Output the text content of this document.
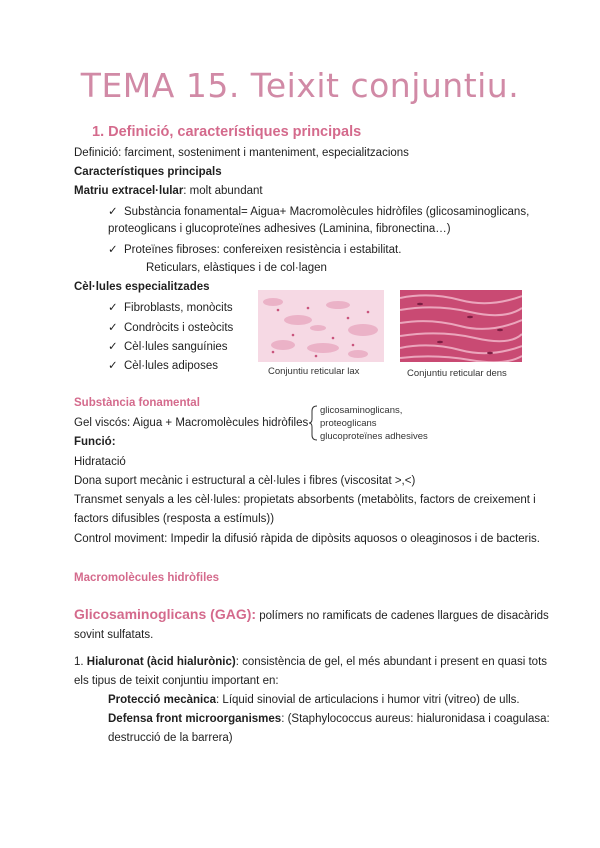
TEMA 15. Teixit conjuntiu.
1. Definició, característiques principals
Definició: farciment, sosteniment i manteniment, especialitzacions
Característiques principals
Matriu extracel·lular: molt abundant
✓ Substància fonamental= Aigua+ Macromolècules hidròfiles (glicosaminoglicans,
proteoglicans i glucoproteïnes adhesives (Laminina, fibronectina…)
✓ Proteïnes fibroses: confereixen resistència i estabilitat.
Reticulars, elàstiques i de col·lagen
Cèl·lules especialitzades
✓ Fibroblasts, monòcits
✓ Condròcits i osteòcits
✓ Cèl·lules sanguínies
✓ Cèl·lules adiposes	Conjuntiu reticular lax	Conjuntiu reticular dens
Substància fonamental
Gel viscós: Aigua + Macromolècules hidròfiles
glicosaminoglicans,
proteoglicans
glucoproteïnes adhesives
Funció:
Hidratació
Dona suport mecànic i estructural a cèl·lules i fibres (viscositat >,<)
Transmet senyals a les cèl·lules: propietats absorbents (metabòlits, factors de creixement i
factors difusibles (resposta a estímuls))
Control moviment: Impedir la difusió ràpida de dipòsits aquosos o oleaginosos i de bacteris.
Macromolècules hidròfiles
Glicosaminoglicans (GAG): polímers no ramificats de cadenes llargues de disacàrids
sovint sulfatats.
1. Hialuronat (àcid hialurònic): consistència de gel, el més abundant i present en quasi tots
els tipus de teixit conjuntiu important en:
Protecció mecànica: Líquid sinovial de articulacions i humor vitri (vitreo) de ulls.
Defensa front microorganismes: (Staphylococcus aureus: hialuronidasa i coagulasa:
destrucció de la barrera)
